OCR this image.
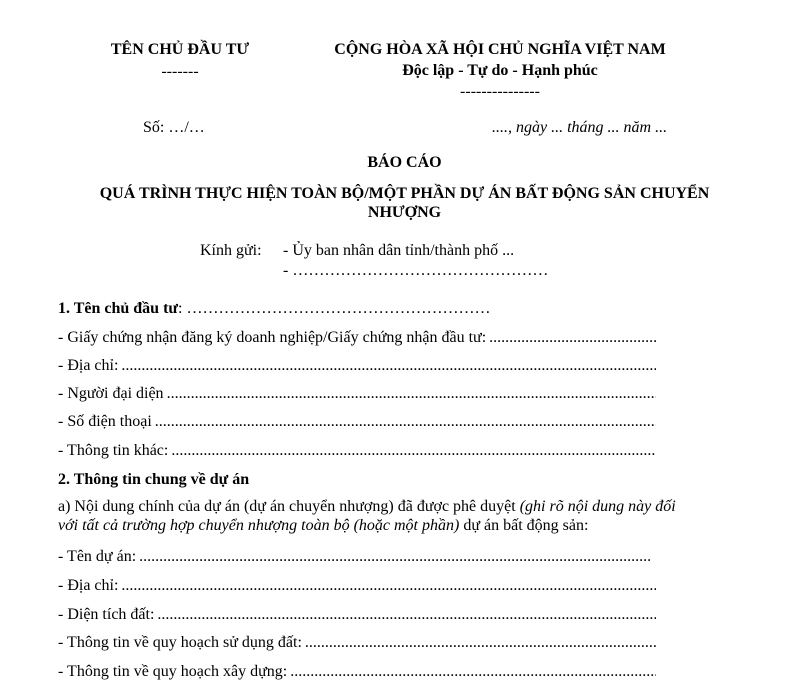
TÊN CHỦ ĐẦU TƯ
-------
CỘNG HÒA XÃ HỘI CHỦ NGHĨA VIỆT NAM
Độc lập - Tự do - Hạnh phúc
---------------
Số: …/…	...., ngày ... tháng ... năm ...
BÁO CÁO
QUÁ TRÌNH THỰC HIỆN TOÀN BỘ/MỘT PHẦN DỰ ÁN BẤT ĐỘNG SẢN CHUYỂN
NHƯỢNG
Kính gửi: - Ủy ban nhân dân tỉnh/thành phố ...
- …………………………………………
1. Tên chủ đầu tư: …………………………………………………
- Giấy chứng nhận đăng ký doanh nghiệp/Giấy chứng nhận đầu tư:
.....
- Địa chỉ:
.....
- Người đại diện
.....
- Số điện thoại
.....
- Thông tin khác:
.....
2. Thông tin chung về dự án
a) Nội dung chính của dự án (dự án chuyển nhượng) đã được phê duyệt (ghi rõ nội dung này đối
với tất cả trường hợp chuyển nhượng toàn bộ (hoặc một phần) dự án bất động sản:
- Tên dự án:
.....
- Địa chỉ:
.....
- Diện tích đất:
.....
- Thông tin về quy hoạch sử dụng đất:
.....
- Thông tin về quy hoạch xây dựng:
.....
